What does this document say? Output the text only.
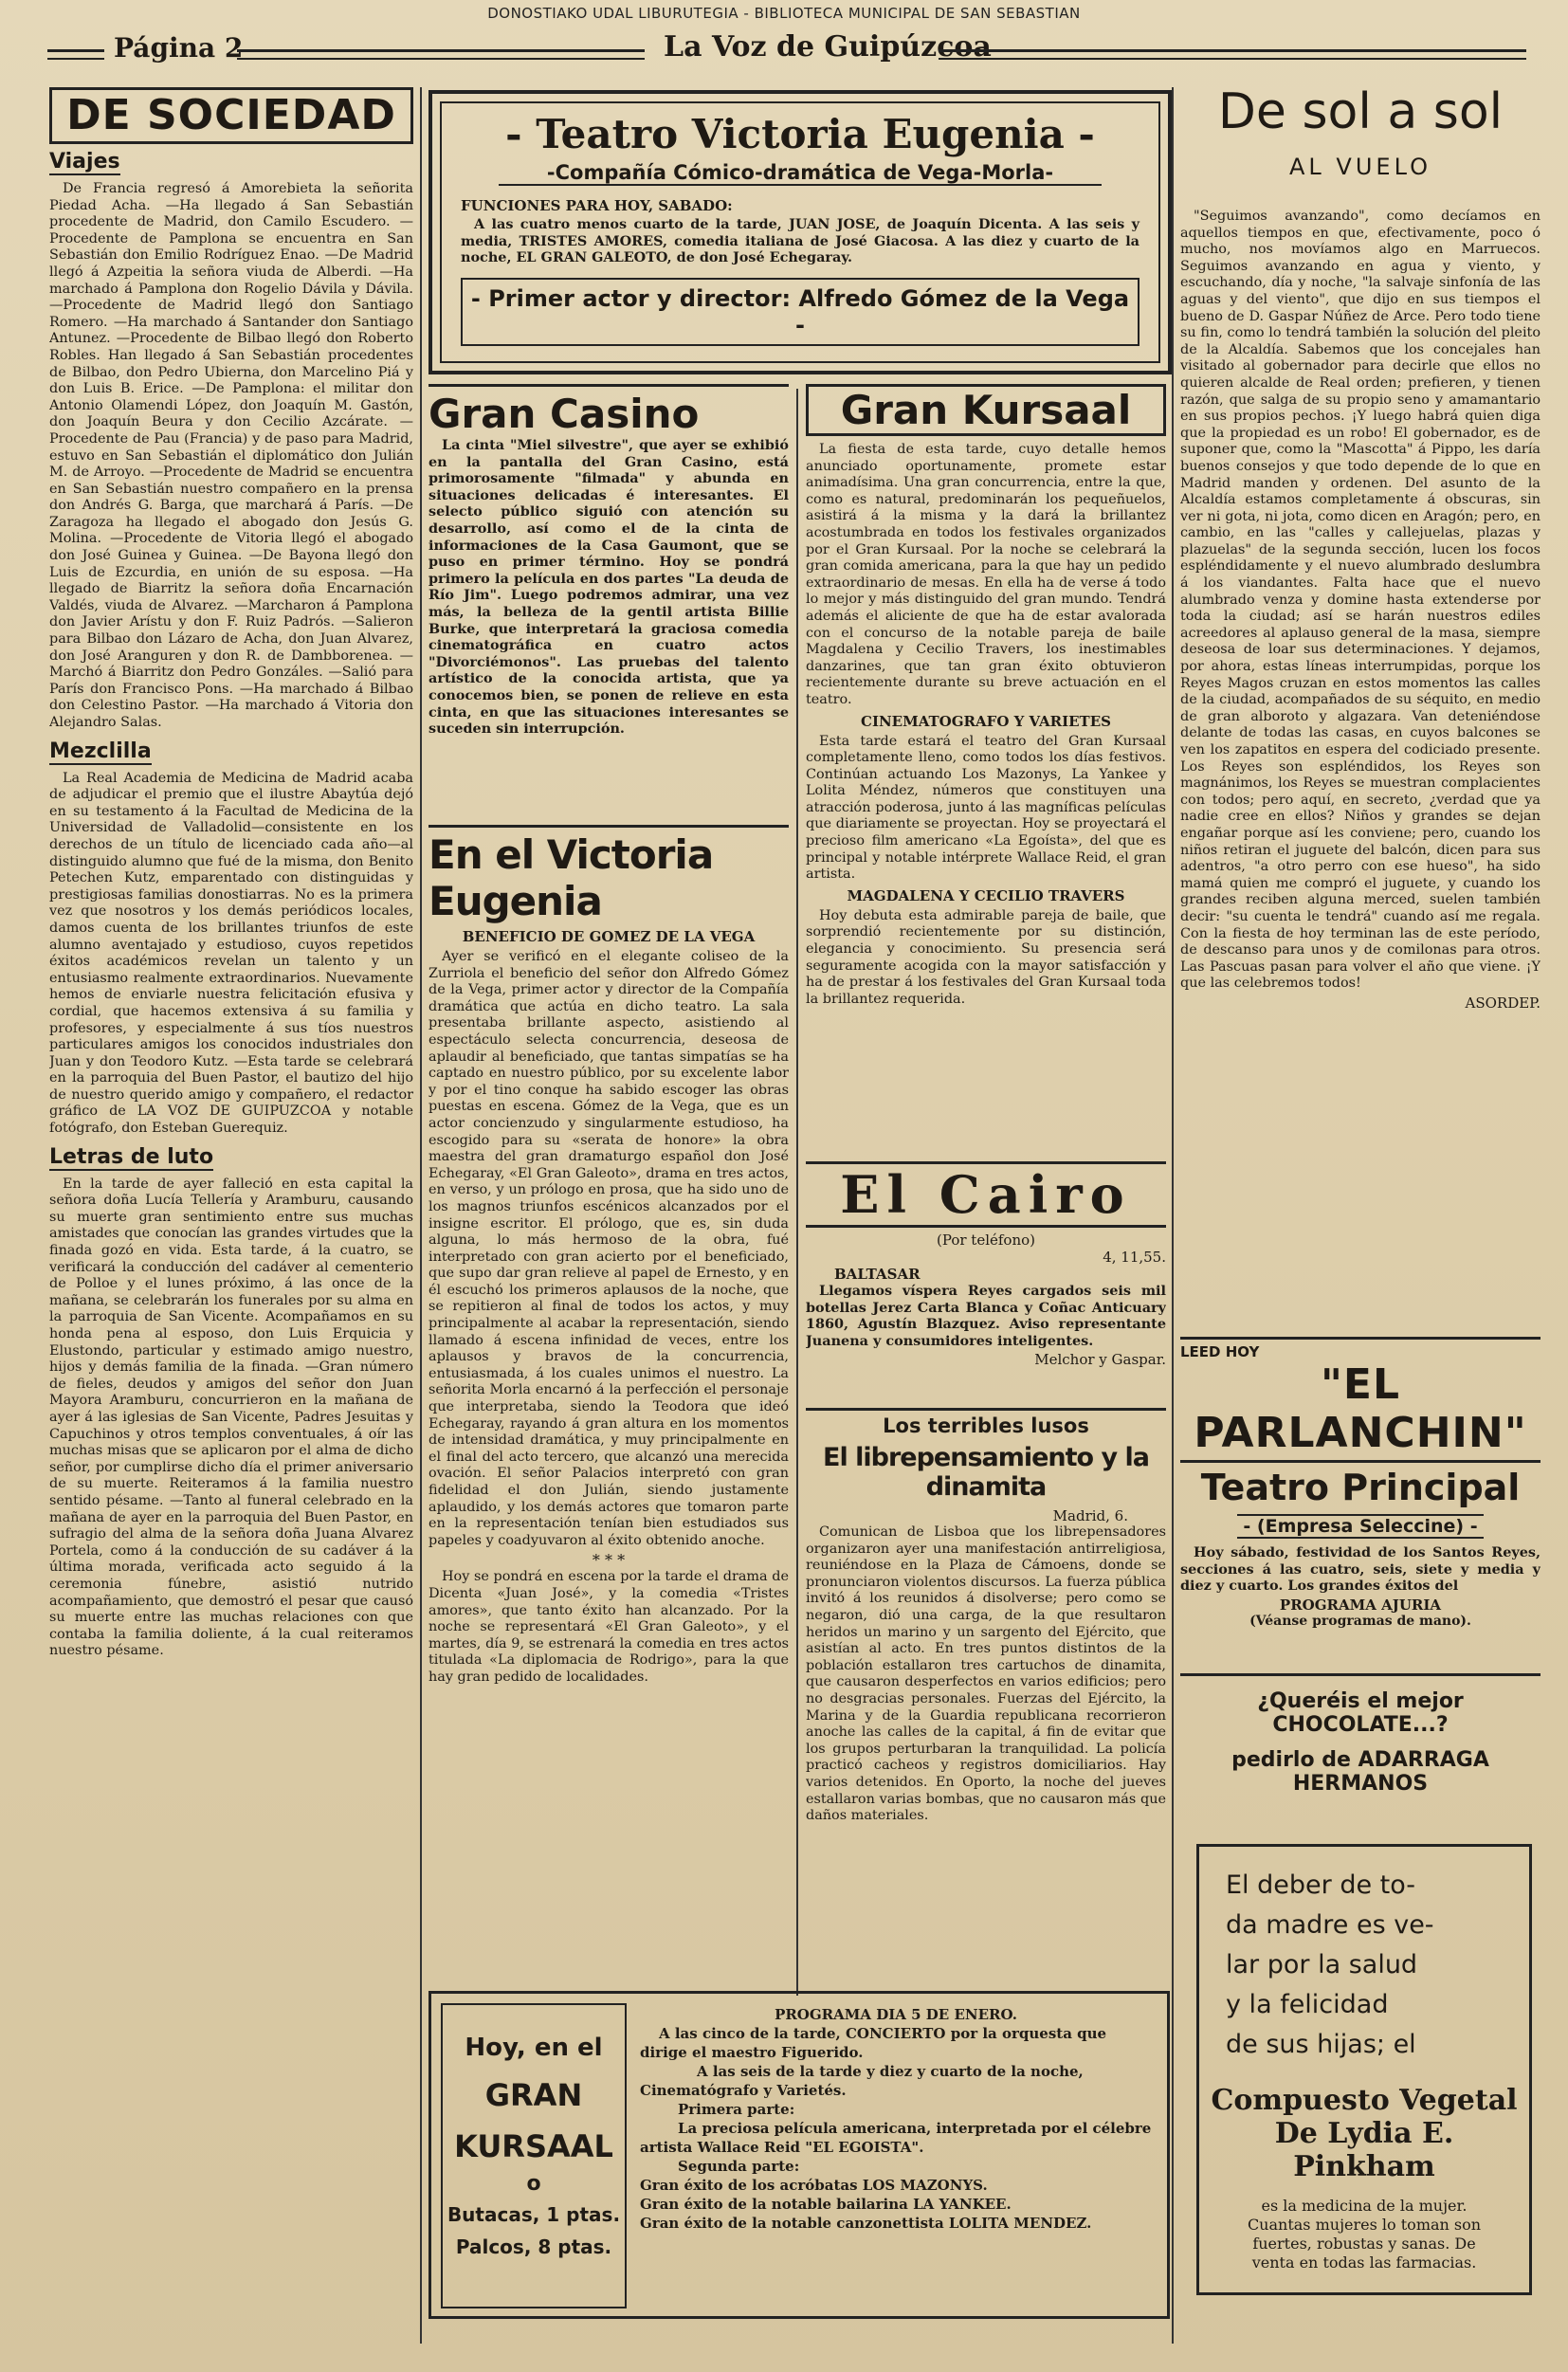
DONOSTIAKO UDAL LIBURUTEGIA - BIBLIOTECA MUNICIPAL DE SAN SEBASTIAN
Página 2	La Voz de Guipúzcoa
DE SOCIEDAD
Viajes

De Francia regresó á Amorebieta la señorita Piedad Acha. —Ha llegado á San Sebastián procedente de Madrid, don Camilo Escudero. —Procedente de Pamplona se encuentra en San Sebastián don Emilio Rodríguez Enao. —De Madrid llegó á Azpeitia la señora viuda de Alberdi. —Ha marchado á Pamplona don Rogelio Dávila y Dávila. —Procedente de Madrid llegó don Santiago Romero. —Ha marchado á Santander don Santiago Antunez. —Procedente de Bilbao llegó don Roberto Robles. Han llegado á San Sebastián procedentes de Bilbao, don Pedro Ubierna, don Marcelino Piá y don Luis B. Erice. —De Pamplona: el militar don Antonio Olamendi López, don Joaquín M. Gastón, don Joaquín Beura y don Cecilio Azcárate. —Procedente de Pau (Francia) y de paso para Madrid, estuvo en San Sebastián el diplomático don Julián M. de Arroyo. —Procedente de Madrid se encuentra en San Sebastián nuestro compañero en la prensa don Andrés G. Barga, que marchará á París. —De Zaragoza ha llegado el abogado don Jesús G. Molina. —Procedente de Vitoria llegó el abogado don José Guinea y Guinea. —De Bayona llegó don Luis de Ezcurdia, en unión de su esposa. —Ha llegado de Biarritz la señora doña Encarnación Valdés, viuda de Alvarez. —Marcharon á Pamplona don Javier Arístu y don F. Ruiz Padrós. —Salieron para Bilbao don Lázaro de Acha, don Juan Alvarez, don José Aranguren y don R. de Dambborenea. —Marchó á Biarritz don Pedro Gonzáles. —Salió para París don Francisco Pons. —Ha marchado á Bilbao don Celestino Pastor. —Ha marchado á Vitoria don Alejandro Salas.

Mezclilla

La Real Academia de Medicina de Madrid acaba de adjudicar el premio que el ilustre Abaytúa dejó en su testamento á la Facultad de Medicina de la Universidad de Valladolid—consistente en los derechos de un título de licenciado cada año—al distinguido alumno que fué de la misma, don Benito Petechen Kutz, emparentado con distinguidas y prestigiosas familias donostiarras. No es la primera vez que nosotros y los demás periódicos locales, damos cuenta de los brillantes triunfos de este alumno aventajado y estudioso, cuyos repetidos éxitos académicos revelan un talento y un entusiasmo realmente extraordinarios. Nuevamente hemos de enviarle nuestra felicitación efusiva y cordial, que hacemos extensiva á su familia y profesores, y especialmente á sus tíos nuestros particulares amigos los conocidos industriales don Juan y don Teodoro Kutz. —Esta tarde se celebrará en la parroquia del Buen Pastor, el bautizo del hijo de nuestro querido amigo y compañero, el redactor gráfico de LA VOZ DE GUIPUZCOA y notable fotógrafo, don Esteban Guerequiz.

Letras de luto

En la tarde de ayer falleció en esta capital la señora doña Lucía Tellería y Aramburu, causando su muerte gran sentimiento entre sus muchas amistades que conocían las grandes virtudes que la finada gozó en vida. Esta tarde, á la cuatro, se verificará la conducción del cadáver al cementerio de Polloe y el lunes próximo, á las once de la mañana, se celebrarán los funerales por su alma en la parroquia de San Vicente. Acompañamos en su honda pena al esposo, don Luis Erquicia y Elustondo, particular y estimado amigo nuestro, hijos y demás familia de la finada. —Gran número de fieles, deudos y amigos del señor don Juan Mayora Aramburu, concurrieron en la mañana de ayer á las iglesias de San Vicente, Padres Jesuitas y Capuchinos y otros templos conventuales, á oír las muchas misas que se aplicaron por el alma de dicho señor, por cumplirse dicho día el primer aniversario de su muerte. Reiteramos á la familia nuestro sentido pésame. —Tanto al funeral celebrado en la mañana de ayer en la parroquia del Buen Pastor, en sufragio del alma de la señora doña Juana Alvarez Portela, como á la conducción de su cadáver á la última morada, verificada acto seguido á la ceremonia fúnebre, asistió nutrido acompañamiento, que demostró el pesar que causó su muerte entre las muchas relaciones con que contaba la familia doliente, á la cual reiteramos nuestro pésame.

- Teatro Victoria Eugenia -
-Compañía Cómico-dramática de Vega-Morla-
FUNCIONES PARA HOY, SABADO:

A las cuatro menos cuarto de la tarde, JUAN JOSE, de Joaquín Dicenta. A las seis y media, TRISTES AMORES, comedia italiana de José Giacosa. A las diez y cuarto de la noche, EL GRAN GALEOTO, de don José Echegaray.

- Primer actor y director: Alfredo Gómez de la Vega -
Gran Casino

La cinta "Miel silvestre", que ayer se exhibió en la pantalla del Gran Casino, está primorosamente "filmada" y abunda en situaciones delicadas é interesantes. El selecto público siguió con atención su desarrollo, así como el de la cinta de informaciones de la Casa Gaumont, que se puso en primer término. Hoy se pondrá primero la película en dos partes "La deuda de Río Jim". Luego podremos admirar, una vez más, la belleza de la gentil artista Billie Burke, que interpretará la graciosa comedia cinematográfica en cuatro actos "Divorciémonos". Las pruebas del talento artístico de la conocida artista, que ya conocemos bien, se ponen de relieve en esta cinta, en que las situaciones interesantes se suceden sin interrupción.

En el Victoria Eugenia
BENEFICIO DE GOMEZ DE LA VEGA

Ayer se verificó en el elegante coliseo de la Zurriola el beneficio del señor don Alfredo Gómez de la Vega, primer actor y director de la Compañía dramática que actúa en dicho teatro. La sala presentaba brillante aspecto, asistiendo al espectáculo selecta concurrencia, deseosa de aplaudir al beneficiado, que tantas simpatías se ha captado en nuestro público, por su excelente labor y por el tino conque ha sabido escoger las obras puestas en escena. Gómez de la Vega, que es un actor concienzudo y singularmente estudioso, ha escogido para su «serata de honore» la obra maestra del gran dramaturgo español don José Echegaray, «El Gran Galeoto», drama en tres actos, en verso, y un prólogo en prosa, que ha sido uno de los magnos triunfos escénicos alcanzados por el insigne escritor. El prólogo, que es, sin duda alguna, lo más hermoso de la obra, fué interpretado con gran acierto por el beneficiado, que supo dar gran relieve al papel de Ernesto, y en él escuchó los primeros aplausos de la noche, que se repitieron al final de todos los actos, y muy principalmente al acabar la representación, siendo llamado á escena infinidad de veces, entre los aplausos y bravos de la concurrencia, entusiasmada, á los cuales unimos el nuestro. La señorita Morla encarnó á la perfección el personaje que interpretaba, siendo la Teodora que ideó Echegaray, rayando á gran altura en los momentos de intensidad dramática, y muy principalmente en el final del acto tercero, que alcanzó una merecida ovación. El señor Palacios interpretó con gran fidelidad el don Julián, siendo justamente aplaudido, y los demás actores que tomaron parte en la representación tenían bien estudiados sus papeles y coadyuvaron al éxito obtenido anoche.

* * *

Hoy se pondrá en escena por la tarde el drama de Dicenta «Juan José», y la comedia «Tristes amores», que tanto éxito han alcanzado. Por la noche se representará «El Gran Galeoto», y el martes, día 9, se estrenará la comedia en tres actos titulada «La diplomacia de Rodrigo», para la que hay gran pedido de localidades.

Gran Kursaal

La fiesta de esta tarde, cuyo detalle hemos anunciado oportunamente, promete estar animadísima. Una gran concurrencia, entre la que, como es natural, predominarán los pequeñuelos, asistirá á la misma y la dará la brillantez acostumbrada en todos los festivales organizados por el Gran Kursaal. Por la noche se celebrará la gran comida americana, para la que hay un pedido extraordinario de mesas. En ella ha de verse á todo lo mejor y más distinguido del gran mundo. Tendrá además el aliciente de que ha de estar avalorada con el concurso de la notable pareja de baile Magdalena y Cecilio Travers, los inestimables danzarines, que tan gran éxito obtuvieron recientemente durante su breve actuación en el teatro.

CINEMATOGRAFO Y VARIETES

Esta tarde estará el teatro del Gran Kursaal completamente lleno, como todos los días festivos. Continúan actuando Los Mazonys, La Yankee y Lolita Méndez, números que constituyen una atracción poderosa, junto á las magníficas películas que diariamente se proyectan. Hoy se proyectará el precioso film americano «La Egoísta», del que es principal y notable intérprete Wallace Reid, el gran artista.

MAGDALENA Y CECILIO TRAVERS

Hoy debuta esta admirable pareja de baile, que sorprendió recientemente por su distinción, elegancia y conocimiento. Su presencia será seguramente acogida con la mayor satisfacción y ha de prestar á los festivales del Gran Kursaal toda la brillantez requerida.

El Cairo
(Por teléfono)
4, 11,55.
BALTASAR

Llegamos víspera Reyes cargados seis mil botellas Jerez Carta Blanca y Coñac Anticuary 1860, Agustín Blazquez. Aviso representante Juanena y consumidores inteligentes.

Melchor y Gaspar.
Los terribles lusos
El librepensamiento y la dinamita
Madrid, 6.

Comunican de Lisboa que los librepensadores organizaron ayer una manifestación antirreligiosa, reuniéndose en la Plaza de Cámoens, donde se pronunciaron violentos discursos. La fuerza pública invitó á los reunidos á disolverse; pero como se negaron, dió una carga, de la que resultaron heridos un marino y un sargento del Ejército, que asistían al acto. En tres puntos distintos de la población estallaron tres cartuchos de dinamita, que causaron desperfectos en varios edificios; pero no desgracias personales. Fuerzas del Ejército, la Marina y de la Guardia republicana recorrieron anoche las calles de la capital, á fin de evitar que los grupos perturbaran la tranquilidad. La policía practicó cacheos y registros domiciliarios. Hay varios detenidos. En Oporto, la noche del jueves estallaron varias bombas, que no causaron más que daños materiales.

Hoy, en el
GRAN
KURSAAL
o
Butacas, 1 ptas.
Palcos, 8 ptas.
PROGRAMA DIA 5 DE ENERO.
A las cinco de la tarde, CONCIERTO por la orquesta que dirige el maestro Figuerido.
A las seis de la tarde y diez y cuarto de la noche, Cinematógrafo y Varietés.
Primera parte:
La preciosa película americana, interpretada por el célebre artista Wallace Reid "EL EGOISTA".
Segunda parte:
Gran éxito de los acróbatas LOS MAZONYS.
Gran éxito de la notable bailarina LA YANKEE.
Gran éxito de la notable canzonettista LOLITA MENDEZ.
De sol a sol
AL VUELO

"Seguimos avanzando", como decíamos en aquellos tiempos en que, efectivamente, poco ó mucho, nos movíamos algo en Marruecos. Seguimos avanzando en agua y viento, y escuchando, día y noche, "la salvaje sinfonía de las aguas y del viento", que dijo en sus tiempos el bueno de D. Gaspar Núñez de Arce. Pero todo tiene su fin, como lo tendrá también la solución del pleito de la Alcaldía. Sabemos que los concejales han visitado al gobernador para decirle que ellos no quieren alcalde de Real orden; prefieren, y tienen razón, que salga de su propio seno y amamantario en sus propios pechos. ¡Y luego habrá quien diga que la propiedad es un robo! El gobernador, es de suponer que, como la "Mascotta" á Pippo, les daría buenos consejos y que todo depende de lo que en Madrid manden y ordenen. Del asunto de la Alcaldía estamos completamente á obscuras, sin ver ni gota, ni jota, como dicen en Aragón; pero, en cambio, en las "calles y callejuelas, plazas y plazuelas" de la segunda sección, lucen los focos espléndidamente y el nuevo alumbrado deslumbra á los viandantes. Falta hace que el nuevo alumbrado venza y domine hasta extenderse por toda la ciudad; así se harán nuestros ediles acreedores al aplauso general de la masa, siempre deseosa de loar sus determinaciones. Y dejamos, por ahora, estas líneas interrumpidas, porque los Reyes Magos cruzan en estos momentos las calles de la ciudad, acompañados de su séquito, en medio de gran alboroto y algazara. Van deteniéndose delante de todas las casas, en cuyos balcones se ven los zapatitos en espera del codiciado presente. Los Reyes son espléndidos, los Reyes son magnánimos, los Reyes se muestran complacientes con todos; pero aquí, en secreto, ¿verdad que ya nadie cree en ellos? Niños y grandes se dejan engañar porque así les conviene; pero, cuando los niños retiran el juguete del balcón, dicen para sus adentros, "a otro perro con ese hueso", ha sido mamá quien me compró el juguete, y cuando los grandes reciben alguna merced, suelen también decir: "su cuenta le tendrá" cuando así me regala. Con la fiesta de hoy terminan las de este período, de descanso para unos y de comilonas para otros. Las Pascuas pasan para volver el año que viene. ¡Y que las celebremos todos!

ASORDEP.
LEED HOY
"EL PARLANCHIN"
Teatro Principal
- (Empresa Seleccine) -

Hoy sábado, festividad de los Santos Reyes, secciones á las cuatro, seis, siete y media y diez y cuarto. Los grandes éxitos del

PROGRAMA AJURIA
(Véanse programas de mano).
¿Queréis el mejor CHOCOLATE...?
pedirlo de ADARRAGA HERMANOS
El deber de to-
da madre es ve-
lar por la salud
y la felicidad
de sus hijas; el
Compuesto Vegetal
De Lydia E. Pinkham
es la medicina de la mujer.
Cuantas mujeres lo toman son
fuertes, robustas y sanas. De
venta en todas las farmacias.
